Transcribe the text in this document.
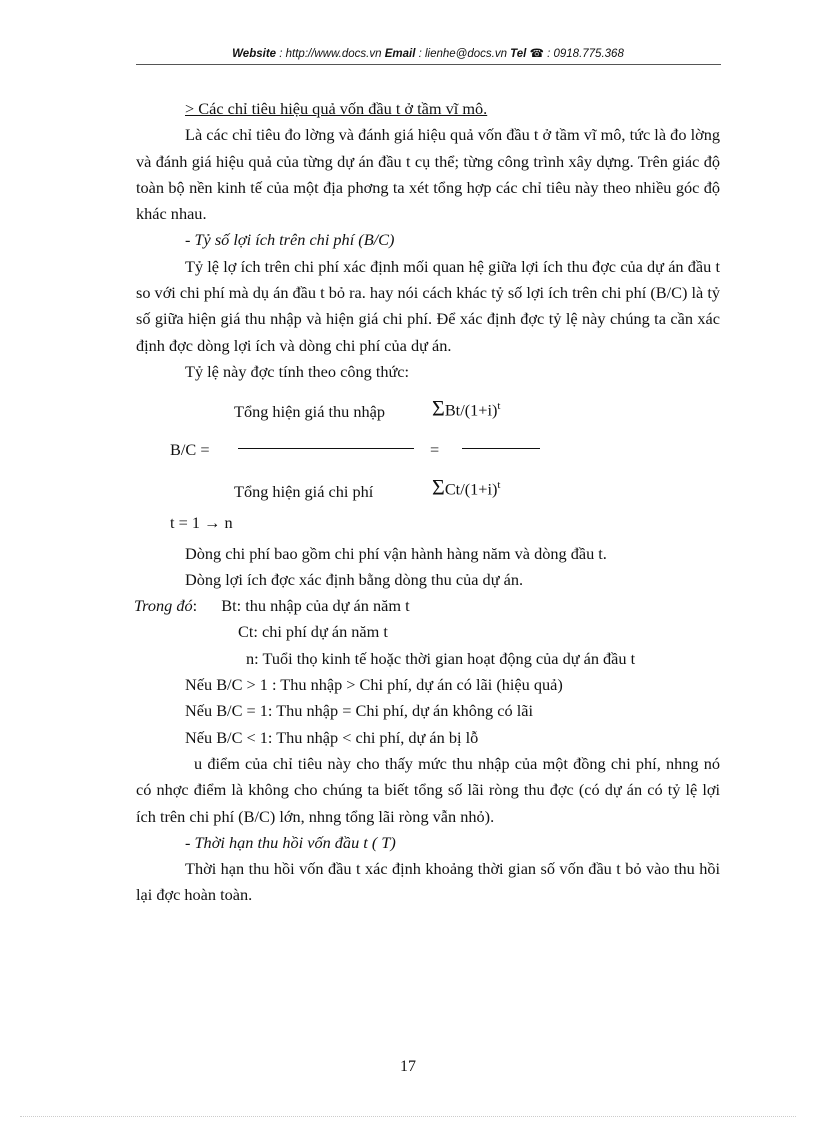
Website : http://www.docs.vn Email : lienhe@docs.vn Tel ☎ : 0918.775.368

> Các chỉ tiêu hiệu quả vốn đầu t ở tầm vĩ mô.

Là các chỉ tiêu đo lờng và đánh giá hiệu quả vốn đầu t ở tầm vĩ mô, tức là đo lờng và đánh giá hiệu quả của từng dự án đầu t cụ thể; từng công trình xây dựng. Trên giác độ toàn bộ nền kinh tế của một địa phơng ta xét tổng hợp các chỉ tiêu này theo nhiều góc độ khác nhau.

- Tỷ số lợi ích trên chi phí (B/C)

Tỷ lệ lợ ích trên chi phí xác định mối quan hệ giữa lợi ích thu đợc của dự án đầu t so với chi phí mà dụ án đầu t bỏ ra. hay nói cách khác tỷ số lợi ích trên chi phí (B/C) là tỷ số giữa hiện giá thu nhập và hiện giá chi phí. Để xác định đợc tỷ lệ này chúng ta cần xác định đợc dòng lợi ích và dòng chi phí của dự án.

Tỷ lệ này đợc tính theo công thức:

Tổng hiện giá thu nhập ΣBt/$(1+i)^t$
B/C =	=
Tổng hiện giá chi phí	ΣCt/$(1+i)^t$

t = 1 → n

Dòng chi phí bao gồm chi phí vận hành hàng năm và dòng đầu t.

Dòng lợi ích đợc xác định bằng dòng thu của dự án.

Trong đó: Bt: thu nhập của dự án năm t

Ct: chi phí dự án năm t

n: Tuổi thọ kinh tế hoặc thời gian hoạt động của dự án đầu t

Nếu B/C > 1 : Thu nhập > Chi phí, dự án có lãi (hiệu quả)

Nếu B/C = 1: Thu nhập = Chi phí, dự án không có lãi

Nếu B/C < 1: Thu nhập < chi phí, dự án bị lỗ

u điểm của chỉ tiêu này cho thấy mức thu nhập của một đồng chi phí, nhng nó có nhợc điểm là không cho chúng ta biết tổng số lãi ròng thu đợc (có dự án có tỷ lệ lợi ích trên chi phí (B/C) lớn, nhng tổng lãi ròng vẫn nhỏ).

- Thời hạn thu hồi vốn đầu t ( T)

Thời hạn thu hồi vốn đầu t xác định khoảng thời gian số vốn đầu t bỏ vào thu hồi lại đợc hoàn toàn.

17
